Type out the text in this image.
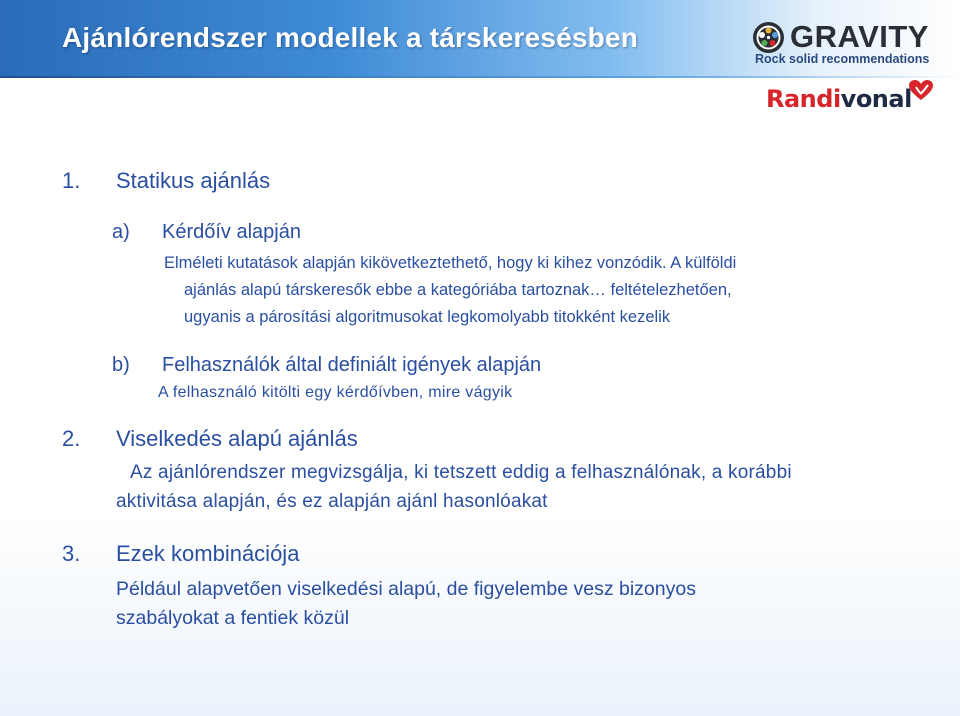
Ajánlórendszer modellek a társkeresésben	GRAVITY
Rock solid recommendations
Randivonal
1. Statikus ajánlás
a) Kérdőív alapján
Elméleti kutatások alapján kikövetkeztethető, hogy ki kihez vonzódik. A külföldi
ajánlás alapú társkeresők ebbe a kategóriába tartoznak… feltételezhetően,
ugyanis a párosítási algoritmusokat legkomolyabb titokként kezelik
b) Felhasználók által definiált igények alapján
A felhasználó kitölti egy kérdőívben, mire vágyik
2. Viselkedés alapú ajánlás
Az ajánlórendszer megvizsgálja, ki tetszett eddig a felhasználónak, a korábbi
aktivitása alapján, és ez alapján ajánl hasonlóakat
3. Ezek kombinációja
Például alapvetően viselkedési alapú, de figyelembe vesz bizonyos
szabályokat a fentiek közül
